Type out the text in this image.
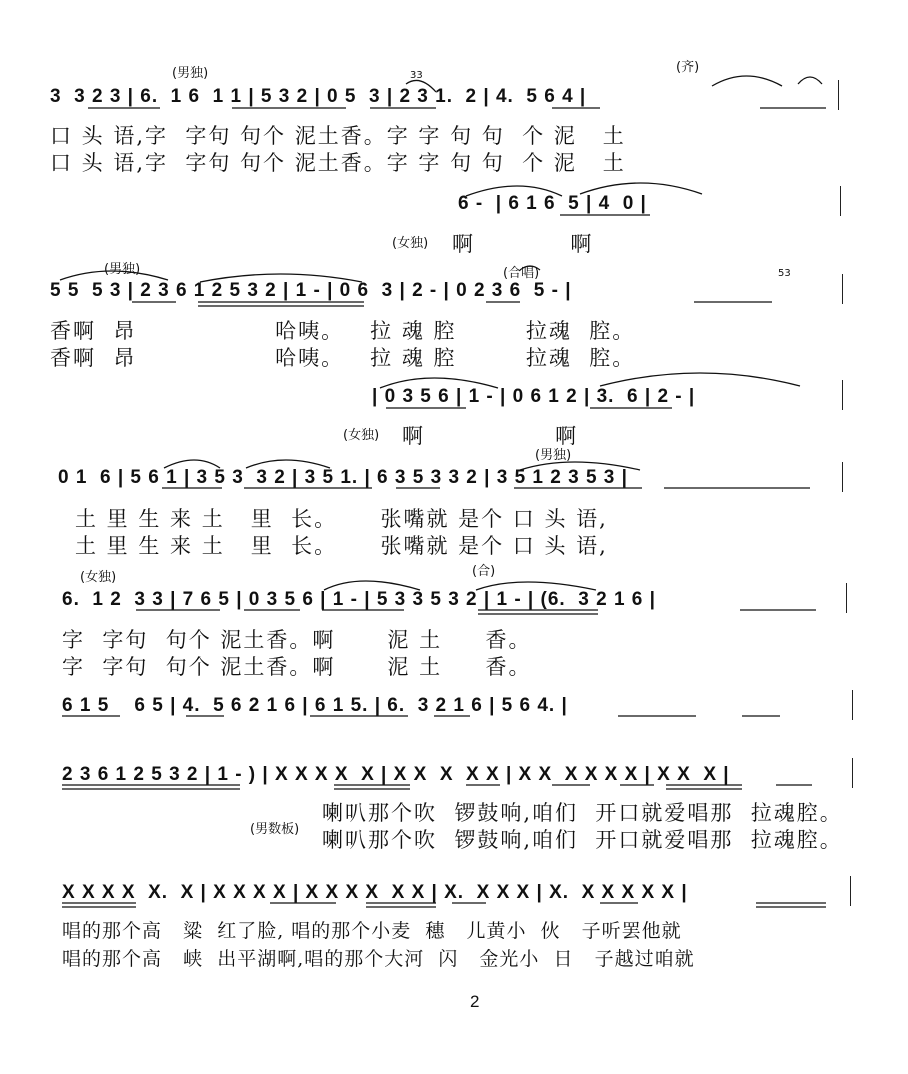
(男独)	(齐)
33
3  3 2 3 | 6.  1 6  1 1 | 5 3 2 | 0 5  3 | 2 3 1.  2 | 4.  5 6 4 |
口 头 语,字  字句 句个 泥土香。字 字 句 句  个 泥   土
口 头 语,字  字句 句个 泥土香。字 字 句 句  个 泥   土
6 -  | 6 1 6  5 | 4  0 |
(女独) 啊           啊
(男独)	(合唱)	53
5 5  5 3 | 2 3 6 1 2 5 3 2 | 1 - | 0 6  3 | 2 - | 0 2 3 6  5 - |
香啊  昂                哈咦。   拉 魂 腔        拉魂  腔。
香啊  昂                哈咦。   拉 魂 腔        拉魂  腔。
| 0 3 5 6 | 1 - | 0 6 1 2 | 3.  6 | 2 - |
(女独) 啊               啊
(男独)
0 1  6 | 5 6 1 | 3 5 3  3 2 | 3 5 1. | 6 3 5 3 3 2 | 3 5 1 2 3 5 3 |
土 里 生 来 土   里  长。     张嘴就 是个 口 头 语,
土 里 生 来 土   里  长。     张嘴就 是个 口 头 语,
(女独)	(合)
6.  1 2  3 3 | 7 6 5 | 0 3 5 6 | 1 - | 5 3 3 5 3 2 | 1 - | (6.  3 2 1 6 |
字  字句  句个 泥土香。啊      泥 土     香。
字  字句  句个 泥土香。啊      泥 土     香。
6 1 5    6 5 | 4.  5 6 2 1 6 | 6 1 5. | 6.  3 2 1 6 | 5 6 4. |
2 3 6 1 2 5 3 2 | 1 - ) | X X X X  X | X X  X  X X | X X  X X X X | X X  X |
喇叭那个吹  锣鼓响,咱们  开口就爱唱那  拉魂腔。
(男数板) 喇叭那个吹  锣鼓响,咱们  开口就爱唱那  拉魂腔。
X X X X  X.  X | X X X X | X X X X  X X | X.  X X X | X.  X X X X X |
唱的那个高   粱  红了脸, 唱的那个小麦  穗   儿黄小  伙   子听罢他就
唱的那个高   峡  出平湖啊,唱的那个大河  闪   金光小  日   子越过咱就
2
